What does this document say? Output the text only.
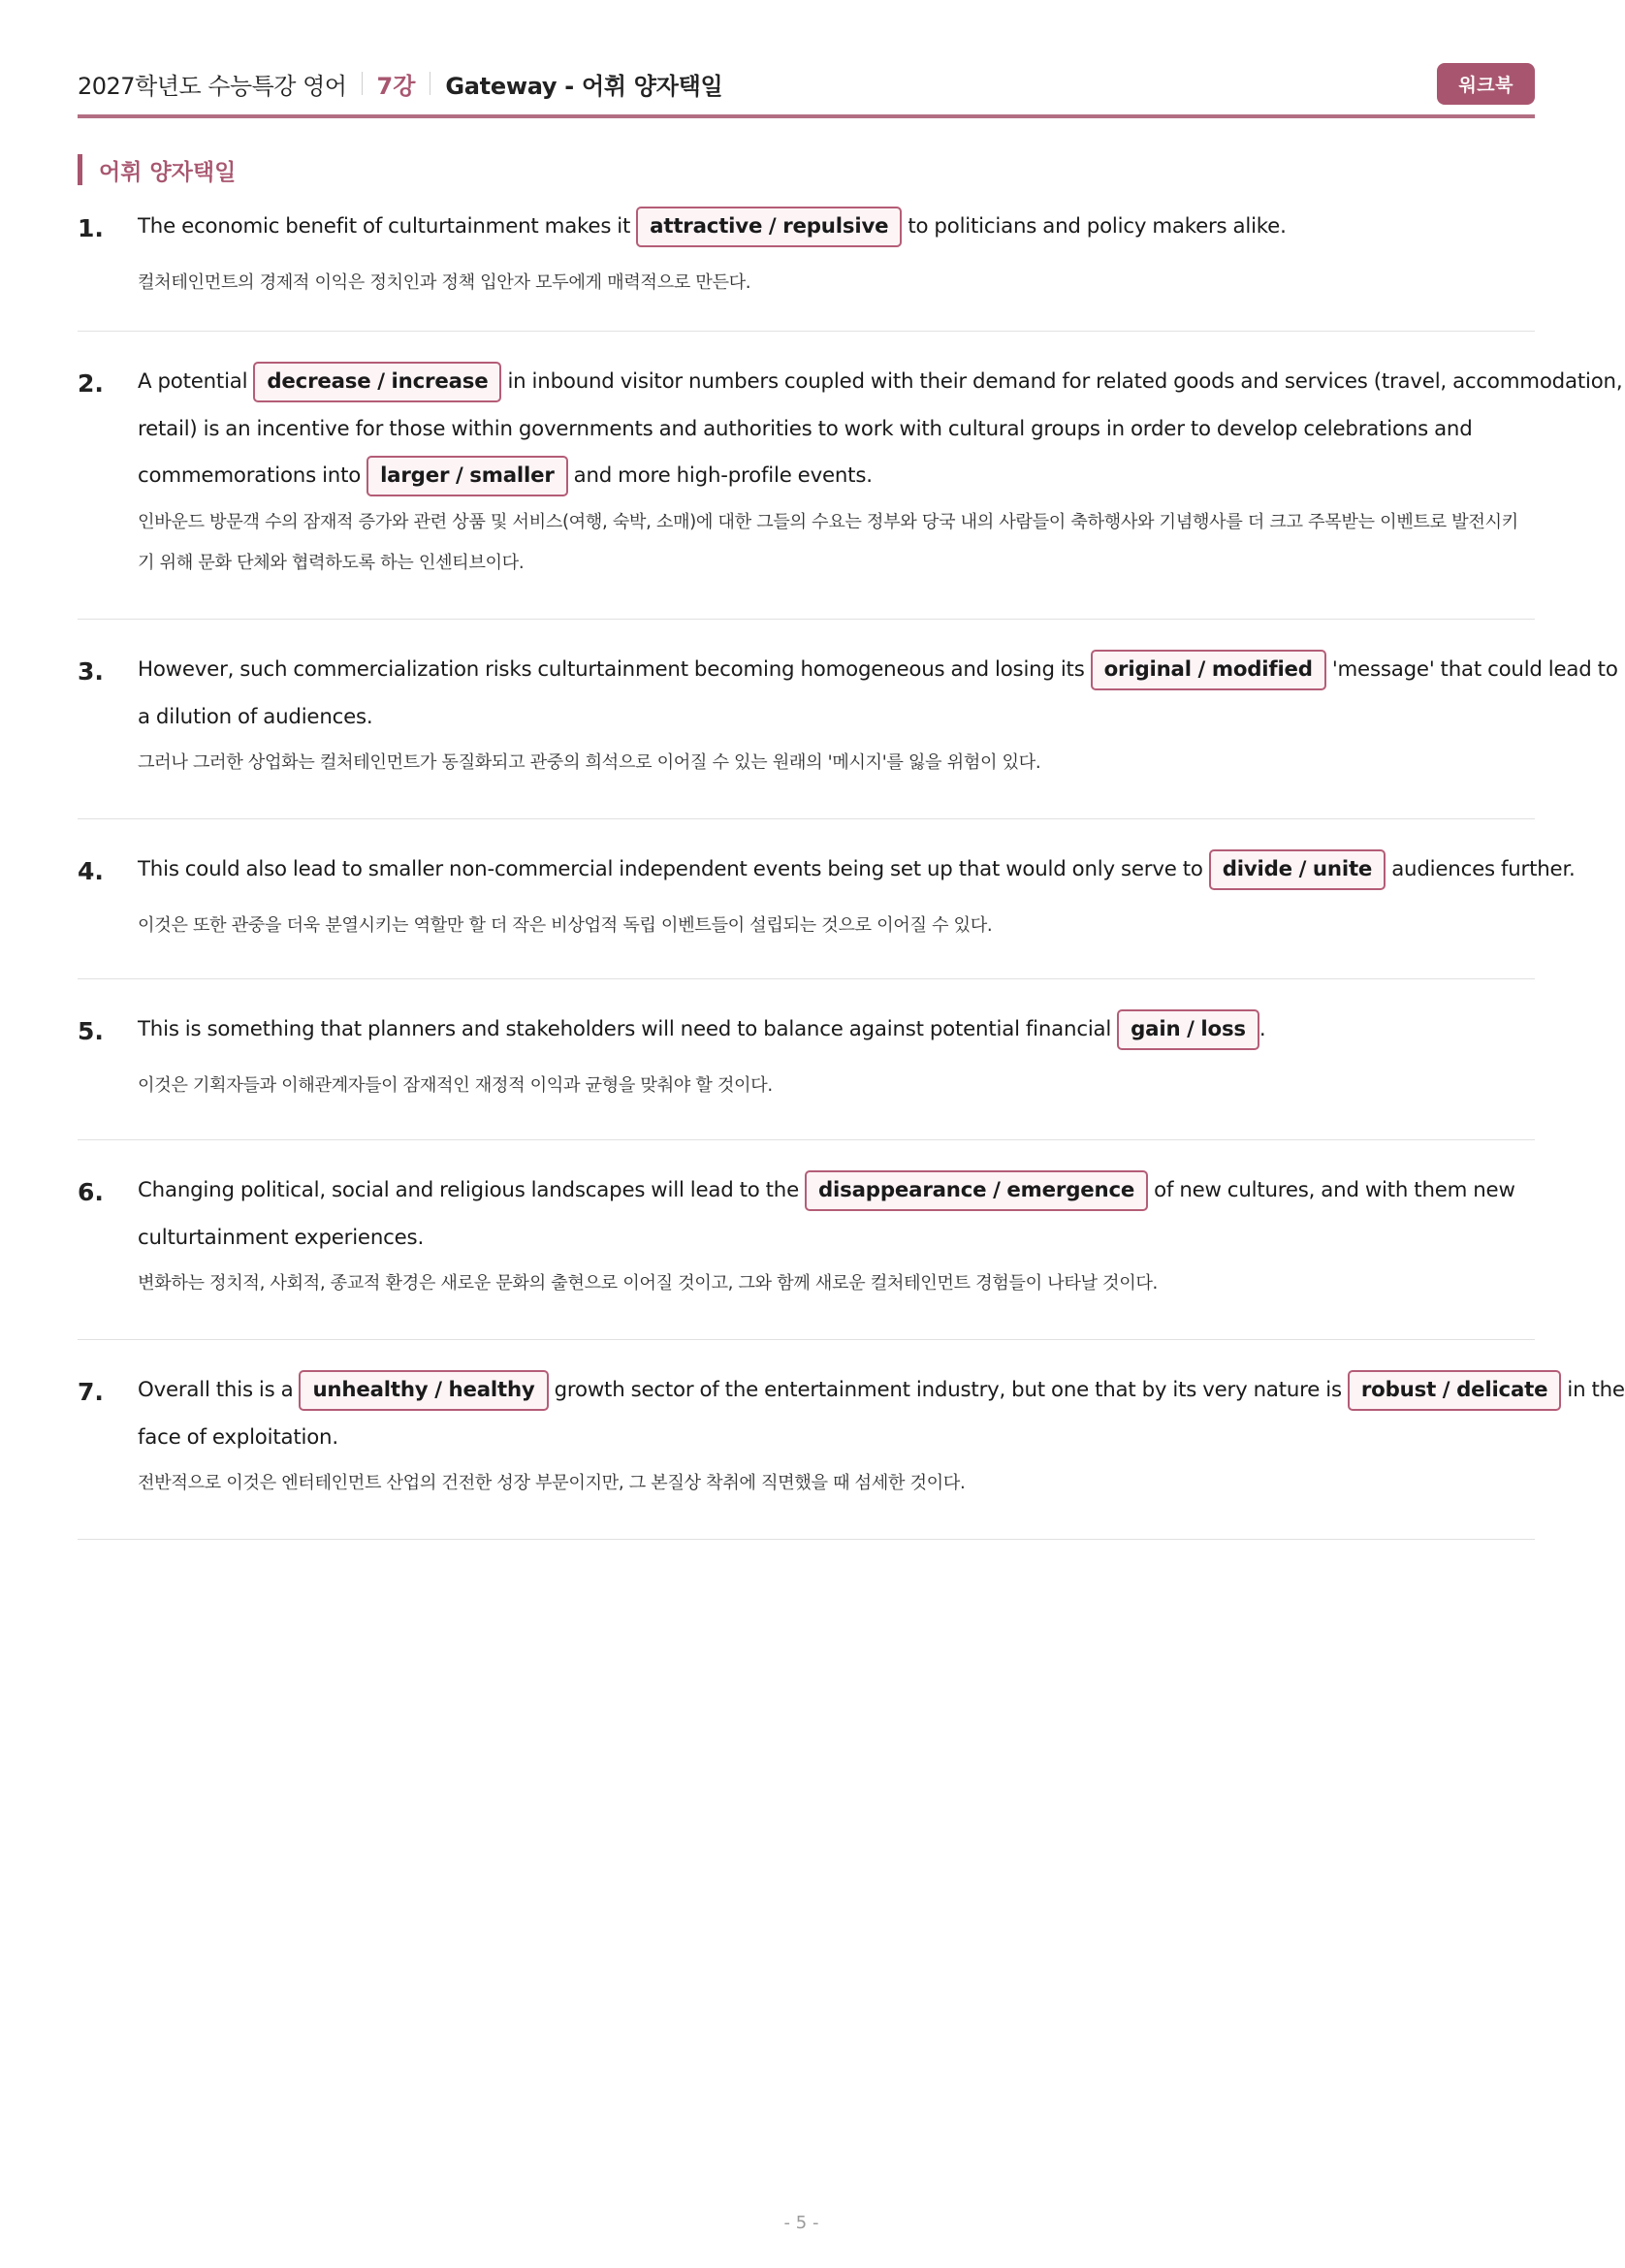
2027학년도 수능특강 영어 7강 Gateway - 어휘 양자택일	워크북
어휘 양자택일
1. The economic benefit of culturtainment makes it attractive / repulsive to politicians and policy makers alike.
컬처테인먼트의 경제적 이익은 정치인과 정책 입안자 모두에게 매력적으로 만든다.
2. A potential decrease / increase in inbound visitor numbers coupled with their demand for related goods and services (travel, accommodation,
retail) is an incentive for those within governments and authorities to work with cultural groups in order to develop celebrations and
commemorations into larger / smaller and more high-profile events.
인바운드 방문객 수의 잠재적 증가와 관련 상품 및 서비스(여행, 숙박, 소매)에 대한 그들의 수요는 정부와 당국 내의 사람들이 축하행사와 기념행사를 더 크고 주목받는 이벤트로 발전시키
기 위해 문화 단체와 협력하도록 하는 인센티브이다.
3. However, such commercialization risks culturtainment becoming homogeneous and losing its original / modified 'message' that could lead to
a dilution of audiences.
그러나 그러한 상업화는 컬처테인먼트가 동질화되고 관중의 희석으로 이어질 수 있는 원래의 '메시지'를 잃을 위험이 있다.
4. This could also lead to smaller non-commercial independent events being set up that would only serve to divide / unite audiences further.
이것은 또한 관중을 더욱 분열시키는 역할만 할 더 작은 비상업적 독립 이벤트들이 설립되는 것으로 이어질 수 있다.
5. This is something that planners and stakeholders will need to balance against potential financial gain / loss .
이것은 기획자들과 이해관계자들이 잠재적인 재정적 이익과 균형을 맞춰야 할 것이다.
6. Changing political, social and religious landscapes will lead to the disappearance / emergence of new cultures, and with them new
culturtainment experiences.
변화하는 정치적, 사회적, 종교적 환경은 새로운 문화의 출현으로 이어질 것이고, 그와 함께 새로운 컬처테인먼트 경험들이 나타날 것이다.
7. Overall this is a unhealthy / healthy growth sector of the entertainment industry, but one that by its very nature is robust / delicate in the
face of exploitation.
전반적으로 이것은 엔터테인먼트 산업의 건전한 성장 부문이지만, 그 본질상 착취에 직면했을 때 섬세한 것이다.
- 5 -
